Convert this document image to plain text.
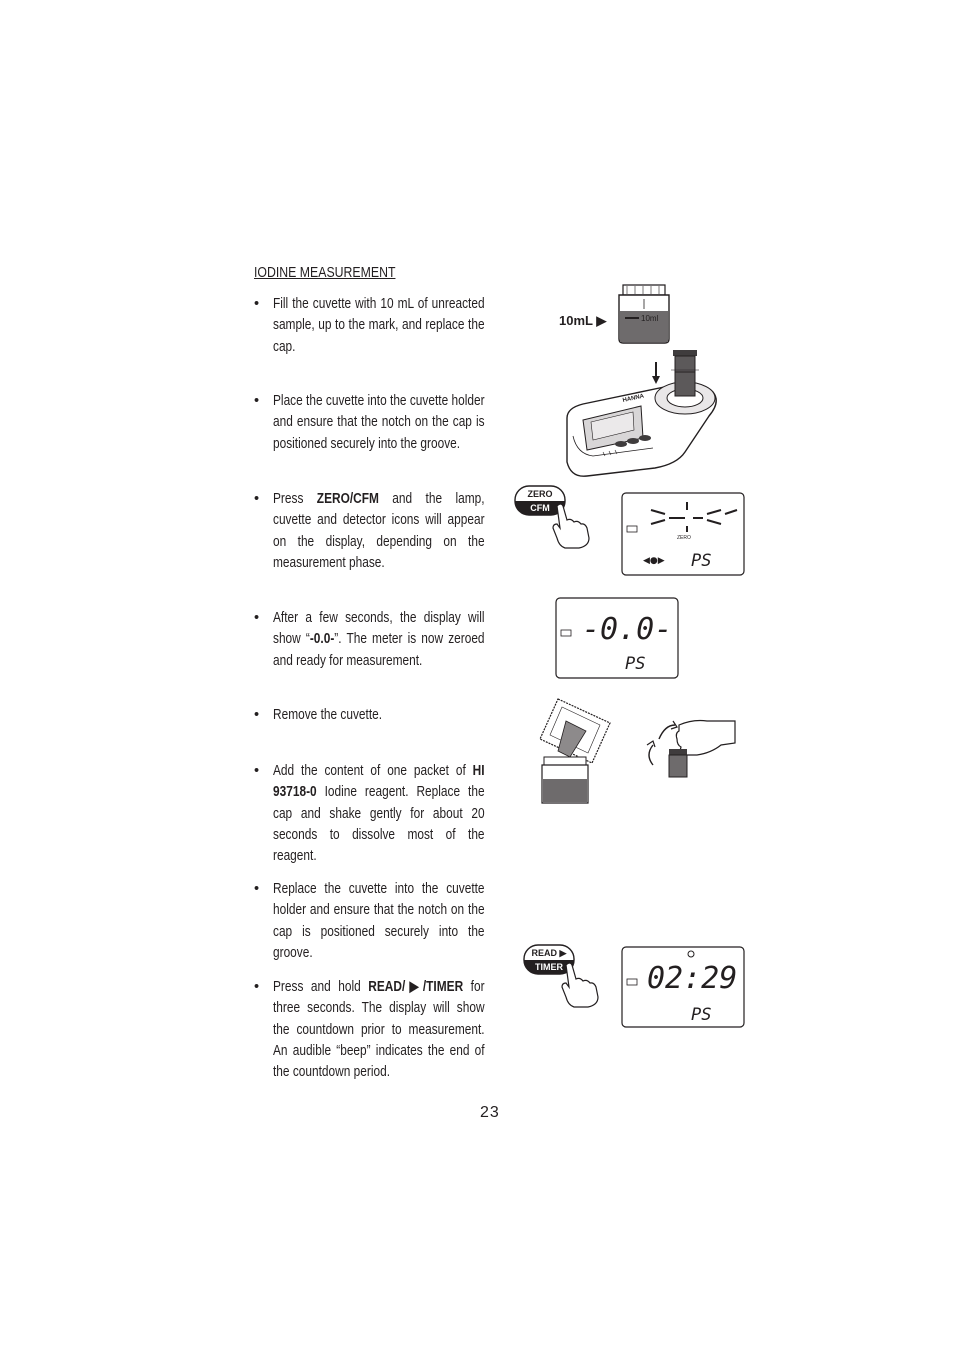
IODINE MEASUREMENT
• Fill the cuvette with 10 mL of unreacted sample, up to the mark, and replace the cap.
• Place the cuvette into the cuvette holder and ensure that the notch on the cap is positioned securely into the groove.
• Press ZERO/CFM and the lamp, cuvette and detector icons will appear on the display, depending on the measurement phase.
• After a few seconds, the display will show “-0.0-”. The meter is now zeroed and ready for measurement.
• Remove the cuvette.
• Add the content of one packet of HI 93718-0 Iodine reagent. Replace the cap and shake gently for about 20 seconds to dissolve most of the reagent.
• Replace the cuvette into the cuvette holder and ensure that the notch on the cap is positioned securely into the groove.
• Press and hold READ/▶/TIMER for three seconds. The display will show the countdown prior to measurement. An audible “beep” indicates the end of the countdown period.
23
10mL ▶	10ml
HANNA
ZERO
CFM
ZERO
◀●▶ PS
-0.0-
PS
READ ▶
TIMER	02:29
PS
